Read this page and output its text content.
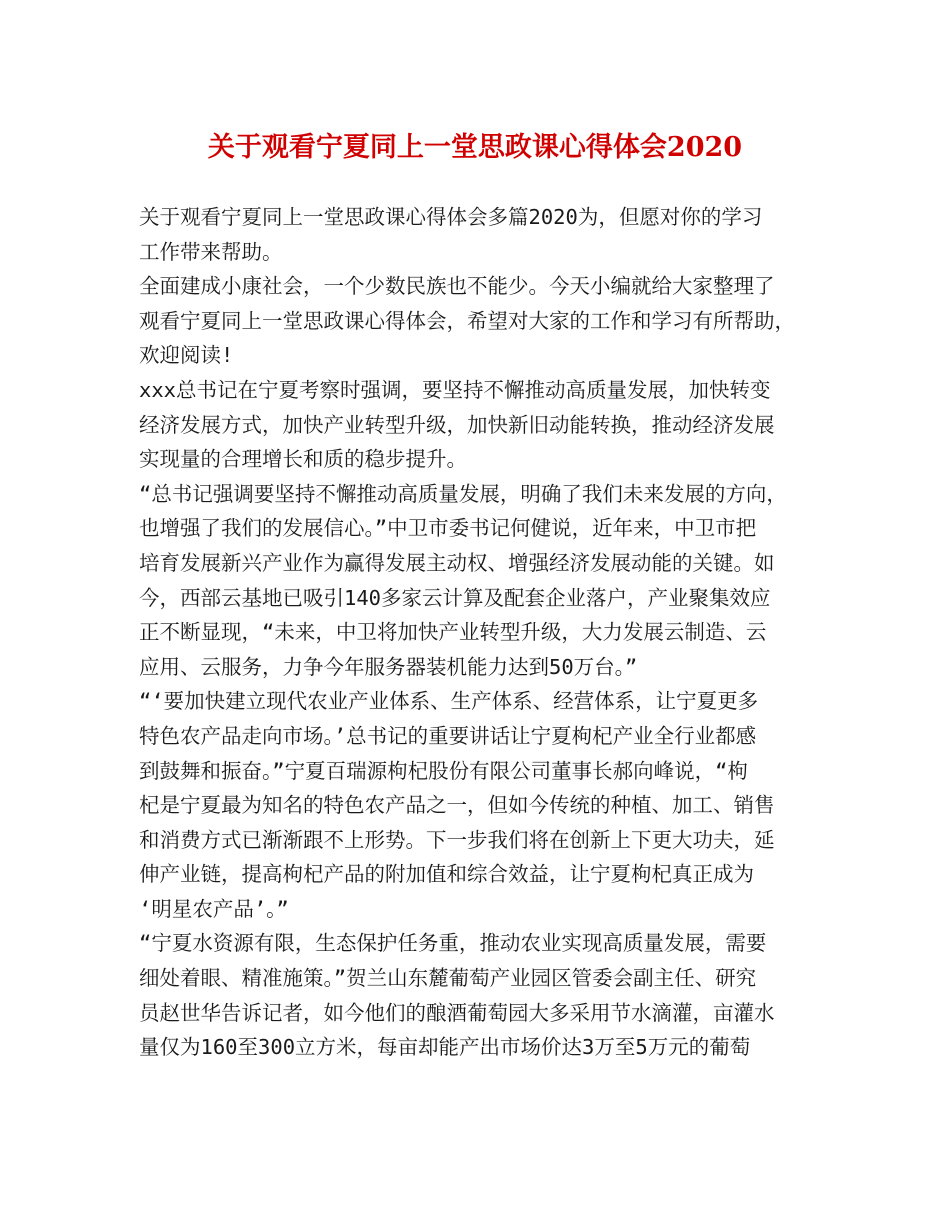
关于观看宁夏同上一堂思政课心得体会2020
关于观看宁夏同上一堂思政课心得体会多篇2020为，但愿对你的学习
工作带来帮助。
全面建成小康社会，一个少数民族也不能少。今天小编就给大家整理了
观看宁夏同上一堂思政课心得体会，希望对大家的工作和学习有所帮助，
欢迎阅读!
xxx总书记在宁夏考察时强调，要坚持不懈推动高质量发展，加快转变
经济发展方式，加快产业转型升级，加快新旧动能转换，推动经济发展
实现量的合理增长和质的稳步提升。
“总书记强调要坚持不懈推动高质量发展，明确了我们未来发展的方向，
也增强了我们的发展信心。”中卫市委书记何健说，近年来，中卫市把
培育发展新兴产业作为赢得发展主动权、增强经济发展动能的关键。如
今，西部云基地已吸引140多家云计算及配套企业落户，产业聚集效应
正不断显现，“未来，中卫将加快产业转型升级，大力发展云制造、云
应用、云服务，力争今年服务器装机能力达到50万台。”
“‘要加快建立现代农业产业体系、生产体系、经营体系，让宁夏更多
特色农产品走向市场。’总书记的重要讲话让宁夏枸杞产业全行业都感
到鼓舞和振奋。”宁夏百瑞源枸杞股份有限公司董事长郝向峰说，“枸
杞是宁夏最为知名的特色农产品之一，但如今传统的种植、加工、销售
和消费方式已渐渐跟不上形势。下一步我们将在创新上下更大功夫，延
伸产业链，提高枸杞产品的附加值和综合效益，让宁夏枸杞真正成为
‘明星农产品’。”
“宁夏水资源有限，生态保护任务重，推动农业实现高质量发展，需要
细处着眼、精准施策。”贺兰山东麓葡萄产业园区管委会副主任、研究
员赵世华告诉记者，如今他们的酿酒葡萄园大多采用节水滴灌，亩灌水
量仅为160至300立方米，每亩却能产出市场价达3万至5万元的葡萄
